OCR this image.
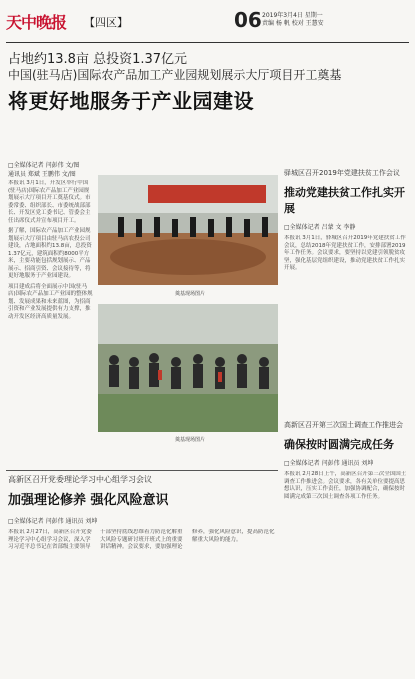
天中晚报 【四区】	06 2019年3月4日 星期一
责编 杨 帆 校对 王慧安
占地约13.8亩 总投资1.37亿元
中国(驻马店)国际农产品加工产业园规划展示大厅项目开工奠基
将更好地服务于产业园建设
□全媒体记者 闫彭伟 文/图
通讯员 郑斌 王鹏伟 文/图

本报讯 3月1日，开发区举行中国(驻马店)国际农产品加工产业园规划展示大厅项目开工奠基仪式。市委常委、组织部长、市委统战部部长、开发区党工委书记、管委会主任出席仪式并宣布项目开工。

据了解，国际农产品加工产业园规划展示大厅项目由驻马店农投公司建设，占地面积约13.8亩，总投资1.37亿元，建筑面积约8000平方米，主要功能包括规划展示、产品展示、招商引资、会议接待等，将更好地服务于产业园建设。

项目建成后将全面展示中国(驻马店)国际农产品加工产业园的整体规划、发展成果和未来蓝图，为招商引资和产业发展提供有力支撑，推动开发区经济高质量发展。

奠基现场图片
奠基现场图片
驿城区召开2019年党建扶贫工作会议
推动党建扶贫工作扎实开展
□全媒体记者 吕蒙 文 李静
本报讯 3月1日，驿城区召开2019年党建扶贫工作会议，总结2018年党建扶贫工作，安排部署2019年工作任务。会议要求，要坚持以党建引领脱贫攻坚，强化基层党组织建设，推动党建扶贫工作扎实开展。
高新区召开第三次国土调查工作推进会
确保按时圆满完成任务
□全媒体记者 闫彭伟 通讯员 刘坤
本报讯 2月28日上午，高新区召开第三次全国国土调查工作推进会。会议要求，各有关单位要提高思想认识，压实工作责任，加强协调配合，确保按时圆满完成第三次国土调查各项工作任务。
高新区召开党委理论学习中心组学习会议
加强理论修养 强化风险意识
□全媒体记者 闫彭伟 通讯员 刘坤
本报讯 2月27日，高新区召开党委理论学习中心组学习会议，深入学习习近平总书记在省部级主要领导干部坚持底线思维着力防范化解重大风险专题研讨班开班式上的重要讲话精神。会议要求，要加强理论修养，强化风险意识，提高防范化解重大风险的能力。
